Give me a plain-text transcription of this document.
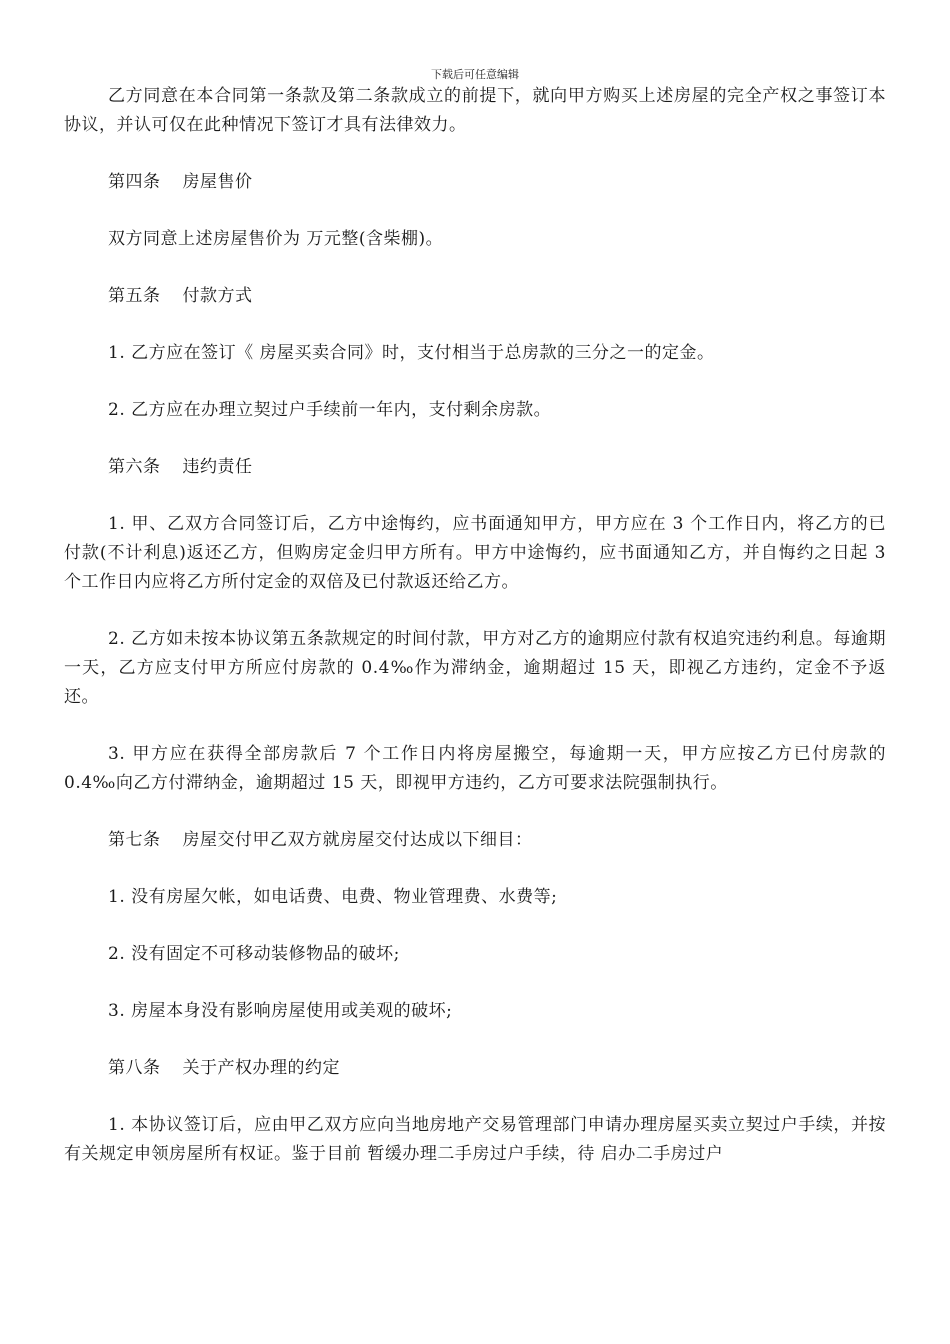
下载后可任意编辑

乙方同意在本合同第一条款及第二条款成立的前提下，就向甲方购买上述房屋的完全产权之事签订本协议，并认可仅在此种情况下签订才具有法律效力。

第四条 房屋售价

双方同意上述房屋售价为 万元整(含柴棚)。

第五条 付款方式

1. 乙方应在签订《 房屋买卖合同》时，支付相当于总房款的三分之一的定金。

2. 乙方应在办理立契过户手续前一年内，支付剩余房款。

第六条 违约责任

1. 甲、乙双方合同签订后，乙方中途悔约，应书面通知甲方，甲方应在 3 个工作日内，将乙方的已付款(不计利息)返还乙方，但购房定金归甲方所有。甲方中途悔约，应书面通知乙方，并自悔约之日起 3 个工作日内应将乙方所付定金的双倍及已付款返还给乙方。

2. 乙方如未按本协议第五条款规定的时间付款，甲方对乙方的逾期应付款有权追究违约利息。每逾期一天，乙方应支付甲方所应付房款的 0.4‰作为滞纳金，逾期超过 15 天，即视乙方违约，定金不予返还。

3. 甲方应在获得全部房款后 7 个工作日内将房屋搬空，每逾期一天，甲方应按乙方已付房款的 0.4‰向乙方付滞纳金，逾期超过 15 天，即视甲方违约，乙方可要求法院强制执行。

第七条 房屋交付甲乙双方就房屋交付达成以下细目：

1. 没有房屋欠帐，如电话费、电费、物业管理费、水费等;

2. 没有固定不可移动装修物品的破坏;

3. 房屋本身没有影响房屋使用或美观的破坏;

第八条 关于产权办理的约定

1. 本协议签订后，应由甲乙双方应向当地房地产交易管理部门申请办理房屋买卖立契过户手续，并按有关规定申领房屋所有权证。鉴于目前 暂缓办理二手房过户手续，待 启办二手房过户
